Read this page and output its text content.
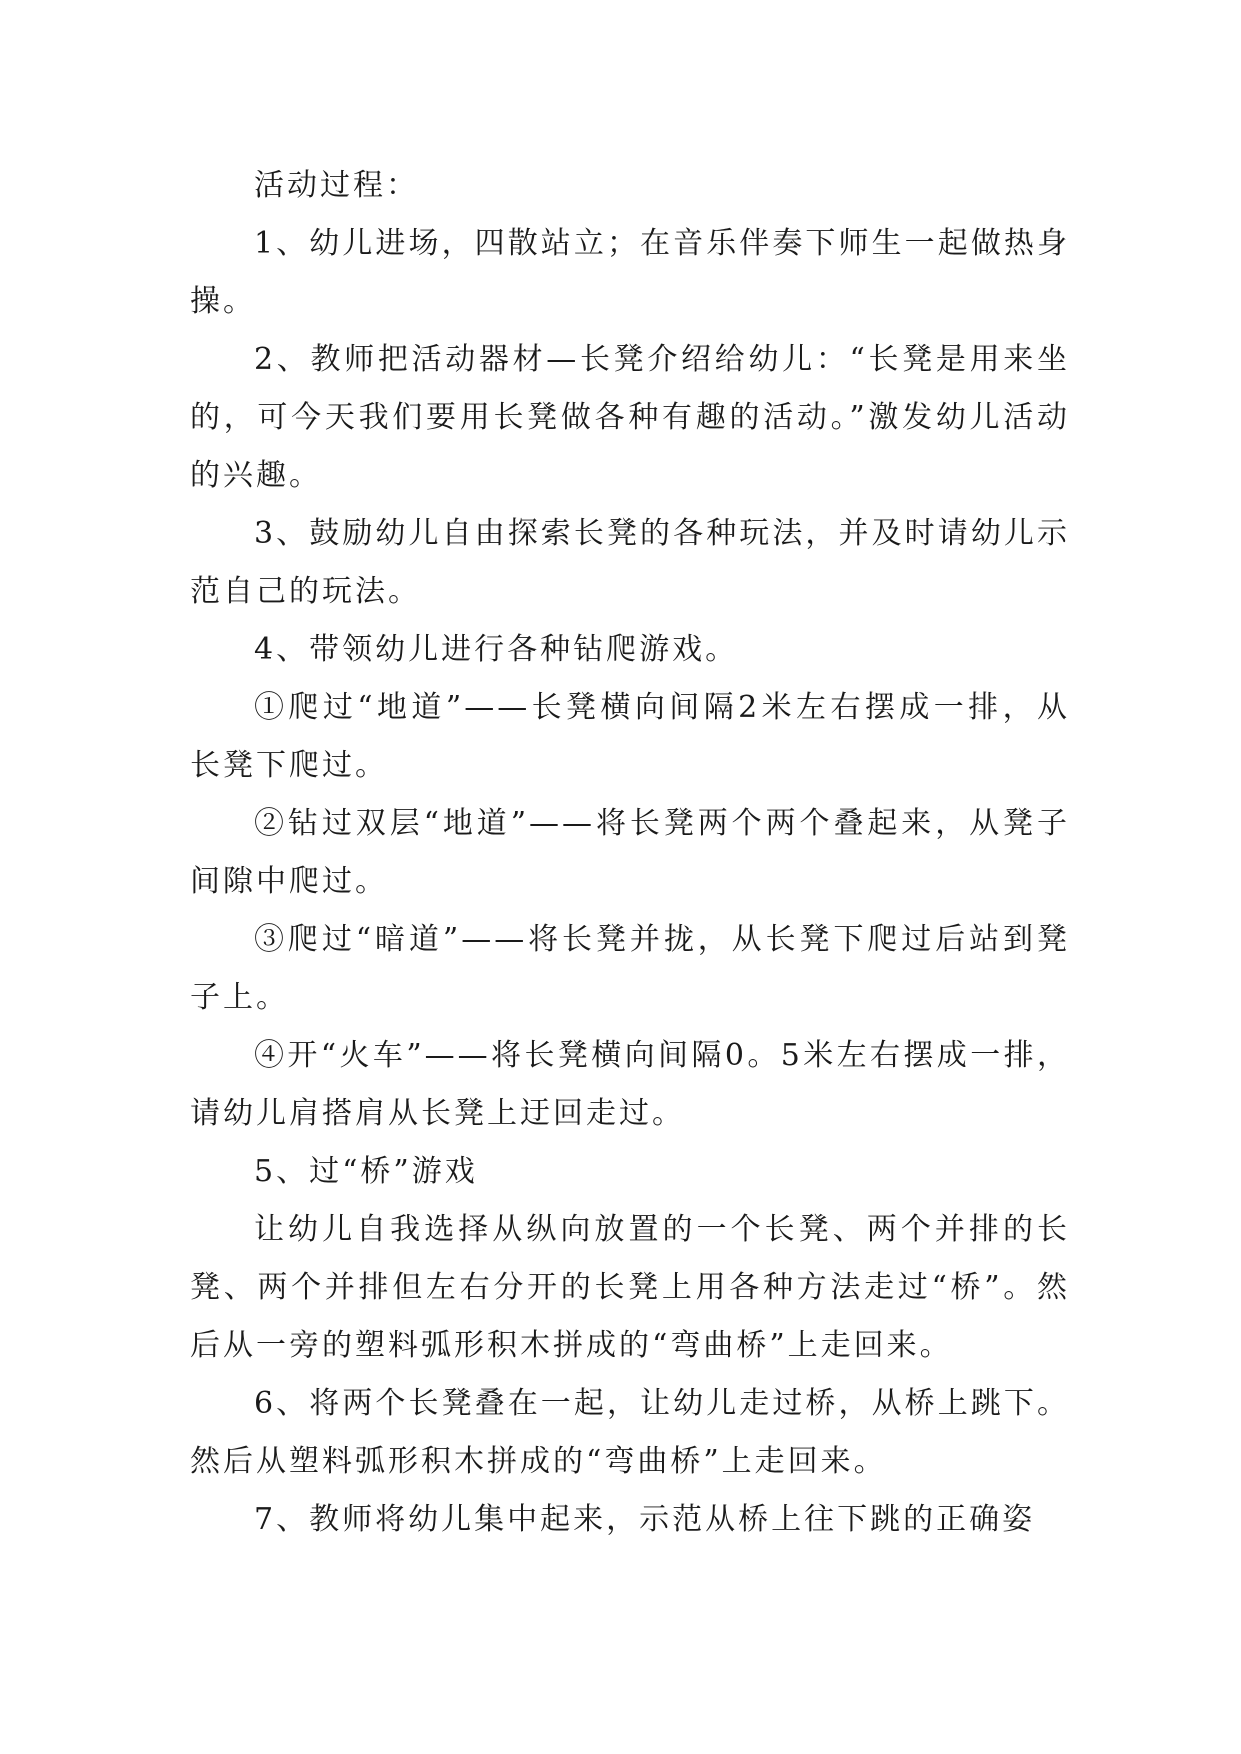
活动过程：

1、幼儿进场，四散站立；在音乐伴奏下师生一起做热身操。

2、教师把活动器材—长凳介绍给幼儿：“长凳是用来坐的，可今天我们要用长凳做各种有趣的活动。”激发幼儿活动的兴趣。

3、鼓励幼儿自由探索长凳的各种玩法，并及时请幼儿示范自己的玩法。

4、带领幼儿进行各种钻爬游戏。

①爬过“地道”——长凳横向间隔2米左右摆成一排，从长凳下爬过。

②钻过双层“地道”——将长凳两个两个叠起来，从凳子间隙中爬过。

③爬过“暗道”——将长凳并拢，从长凳下爬过后站到凳子上。

④开“火车”——将长凳横向间隔0。5米左右摆成一排，请幼儿肩搭肩从长凳上迂回走过。

5、过“桥”游戏

让幼儿自我选择从纵向放置的一个长凳、两个并排的长凳、两个并排但左右分开的长凳上用各种方法走过“桥”。然后从一旁的塑料弧形积木拼成的“弯曲桥”上走回来。

6、将两个长凳叠在一起，让幼儿走过桥，从桥上跳下。然后从塑料弧形积木拼成的“弯曲桥”上走回来。

7、教师将幼儿集中起来，示范从桥上往下跳的正确姿
